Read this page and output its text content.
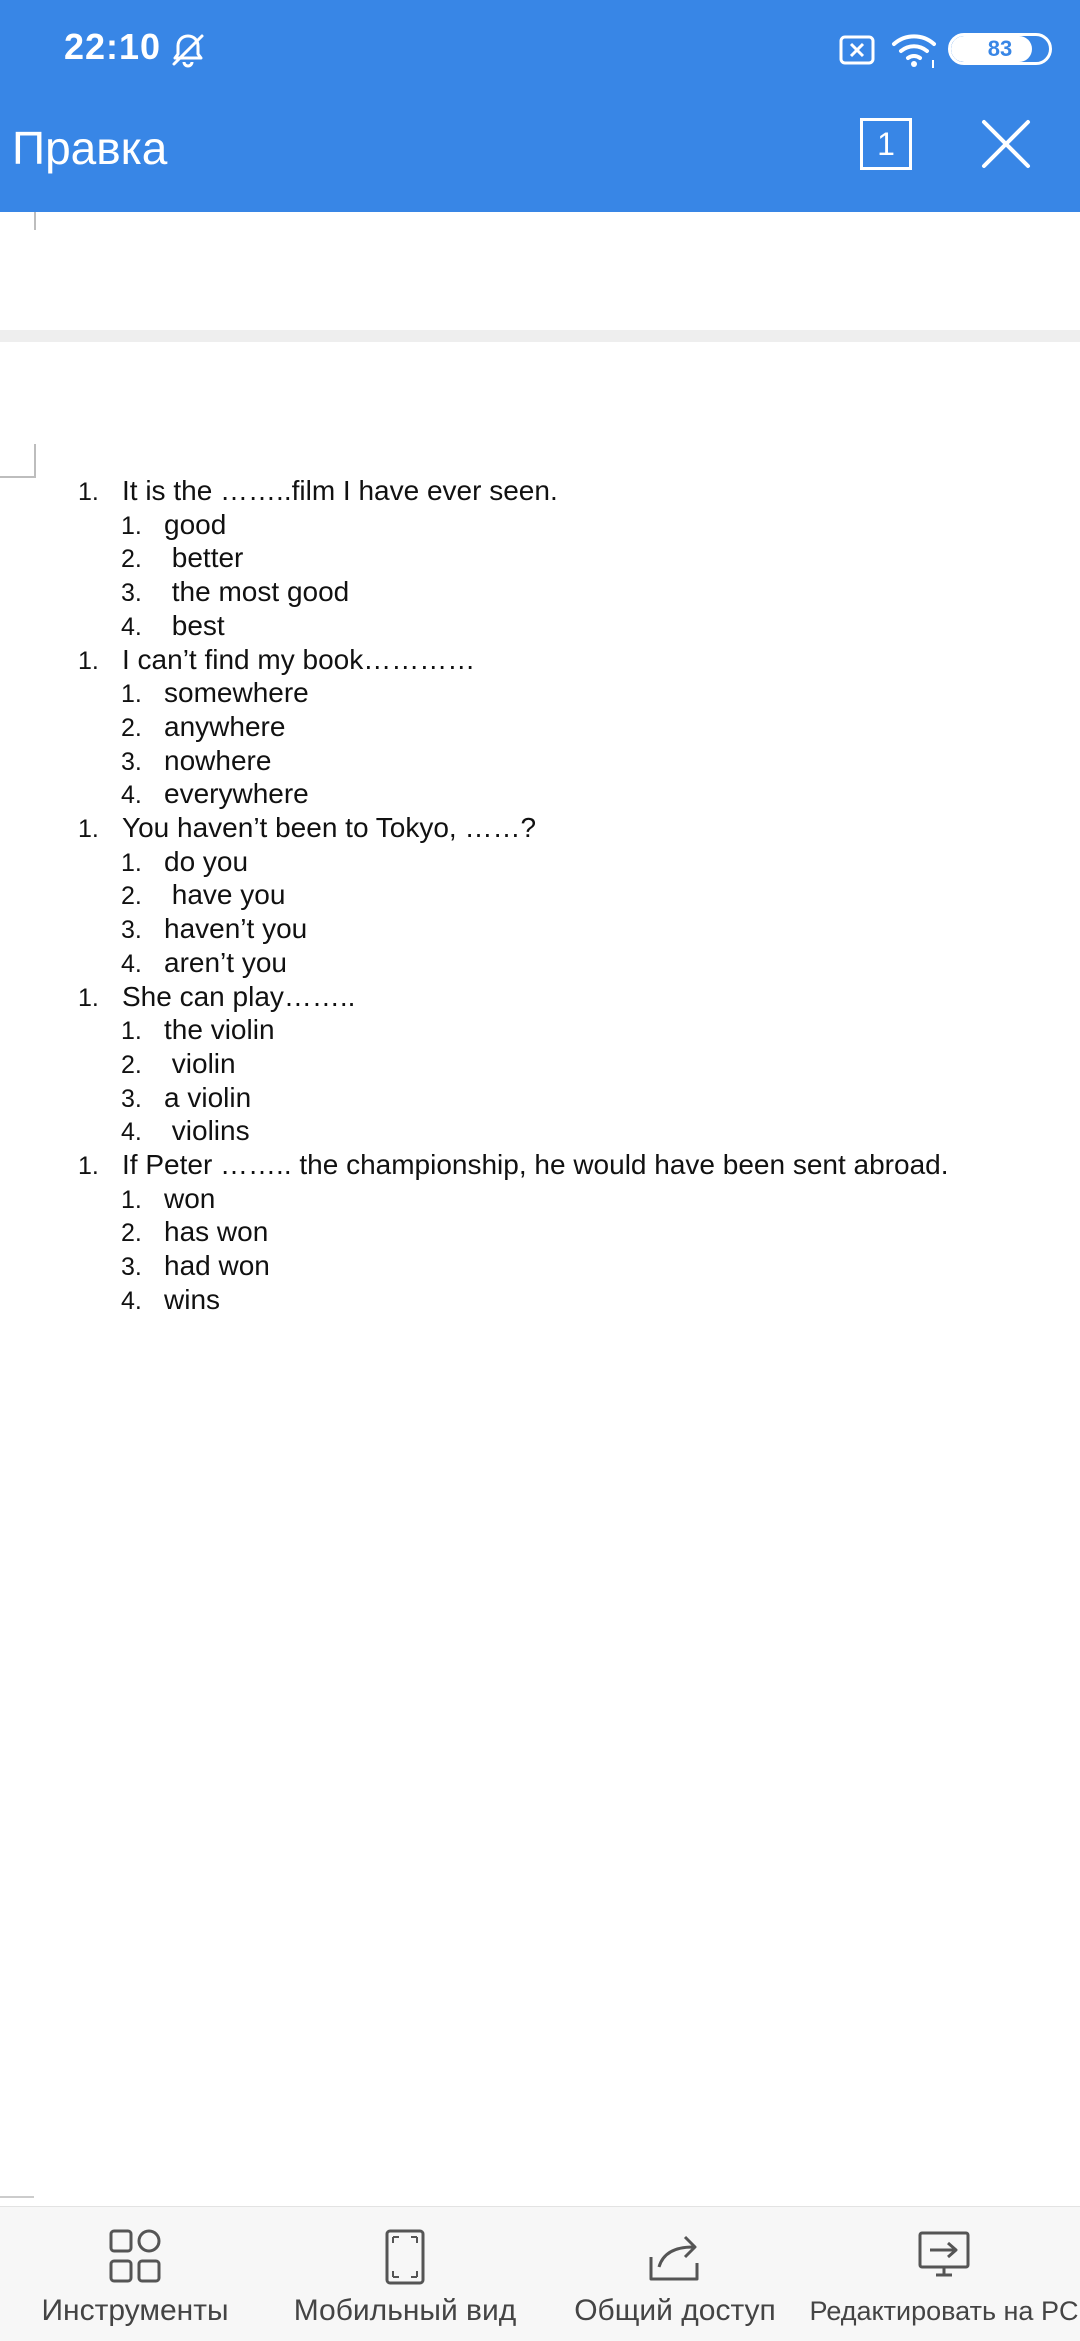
22:10	83
Правка	1
1. It is the ……..film I have ever seen.
1. good
2. better
3. the most good
4. best
1. I can’t find my book…………
1. somewhere
2. anywhere
3. nowhere
4. everywhere
1. You haven’t been to Tokyo, ……?
1. do you
2. have you
3. haven’t you
4. aren’t you
1. She can play……..
1. the violin
2. violin
3. a violin
4. violins
1. If Peter …….. the championship, he would have been sent abroad.
1. won
2. has won
3. had won
4. wins
Инструменты	Мобильный вид	Общий доступ	Редактировать на PC
